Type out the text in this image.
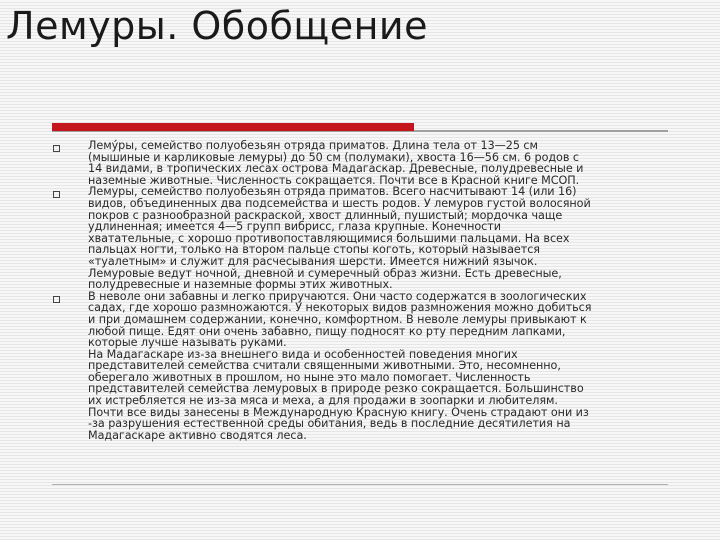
Лемуры. Обобщение

Лему́ры, семейство полуобезьян отряда приматов. Длина тела от 13—25 см
(мышиные и карликовые лемуры) до 50 см (полумаки), хвоста 16—56 см. 6 родов с
14 видами, в тропических лесах острова Мадагаскар. Древесные, полудревесные и
наземные животные. Численность сокращается. Почти все в Красной книге МСОП.

Лемуры, семейство полуобезьян отряда приматов. Всего насчитывают 14 (или 16)
видов, объединенных два подсемейства и шесть родов. У лемуров густой волосяной
покров с разнообразной раскраской, хвост длинный, пушистый; мордочка чаще
удлиненная; имеется 4—5 групп вибрисс, глаза крупные. Конечности
хватательные, с хорошо противопоставляющимися большими пальцами. На всех
пальцах ногти, только на втором пальце стопы коготь, который называется
«туалетным» и служит для расчесывания шерсти. Имеется нижний язычок.
Лемуровые ведут ночной, дневной и сумеречный образ жизни. Есть древесные,
полудревесные и наземные формы этих животных.

В неволе они забавны и легко приручаются. Они часто содержатся в зоологических
садах, где хорошо размножаются. У некоторых видов размножения можно добиться
и при домашнем содержании, конечно, комфортном. В неволе лемуры привыкают к
любой пище. Едят они очень забавно, пищу подносят ко рту передним лапками,
которые лучше называть руками.
На Мадагаскаре из-за внешнего вида и особенностей поведения многих
представителей семейства считали священными животными. Это, несомненно,
оберегало животных в прошлом, но ныне это мало помогает. Численность
представителей семейства лемуровых в природе резко сокращается. Большинство
их истребляется не из-за мяса и меха, а для продажи в зоопарки и любителям.
Почти все виды занесены в Международную Красную книгу. Очень страдают они из
-за разрушения естественной среды обитания, ведь в последние десятилетия на
Мадагаскаре активно сводятся леса.
